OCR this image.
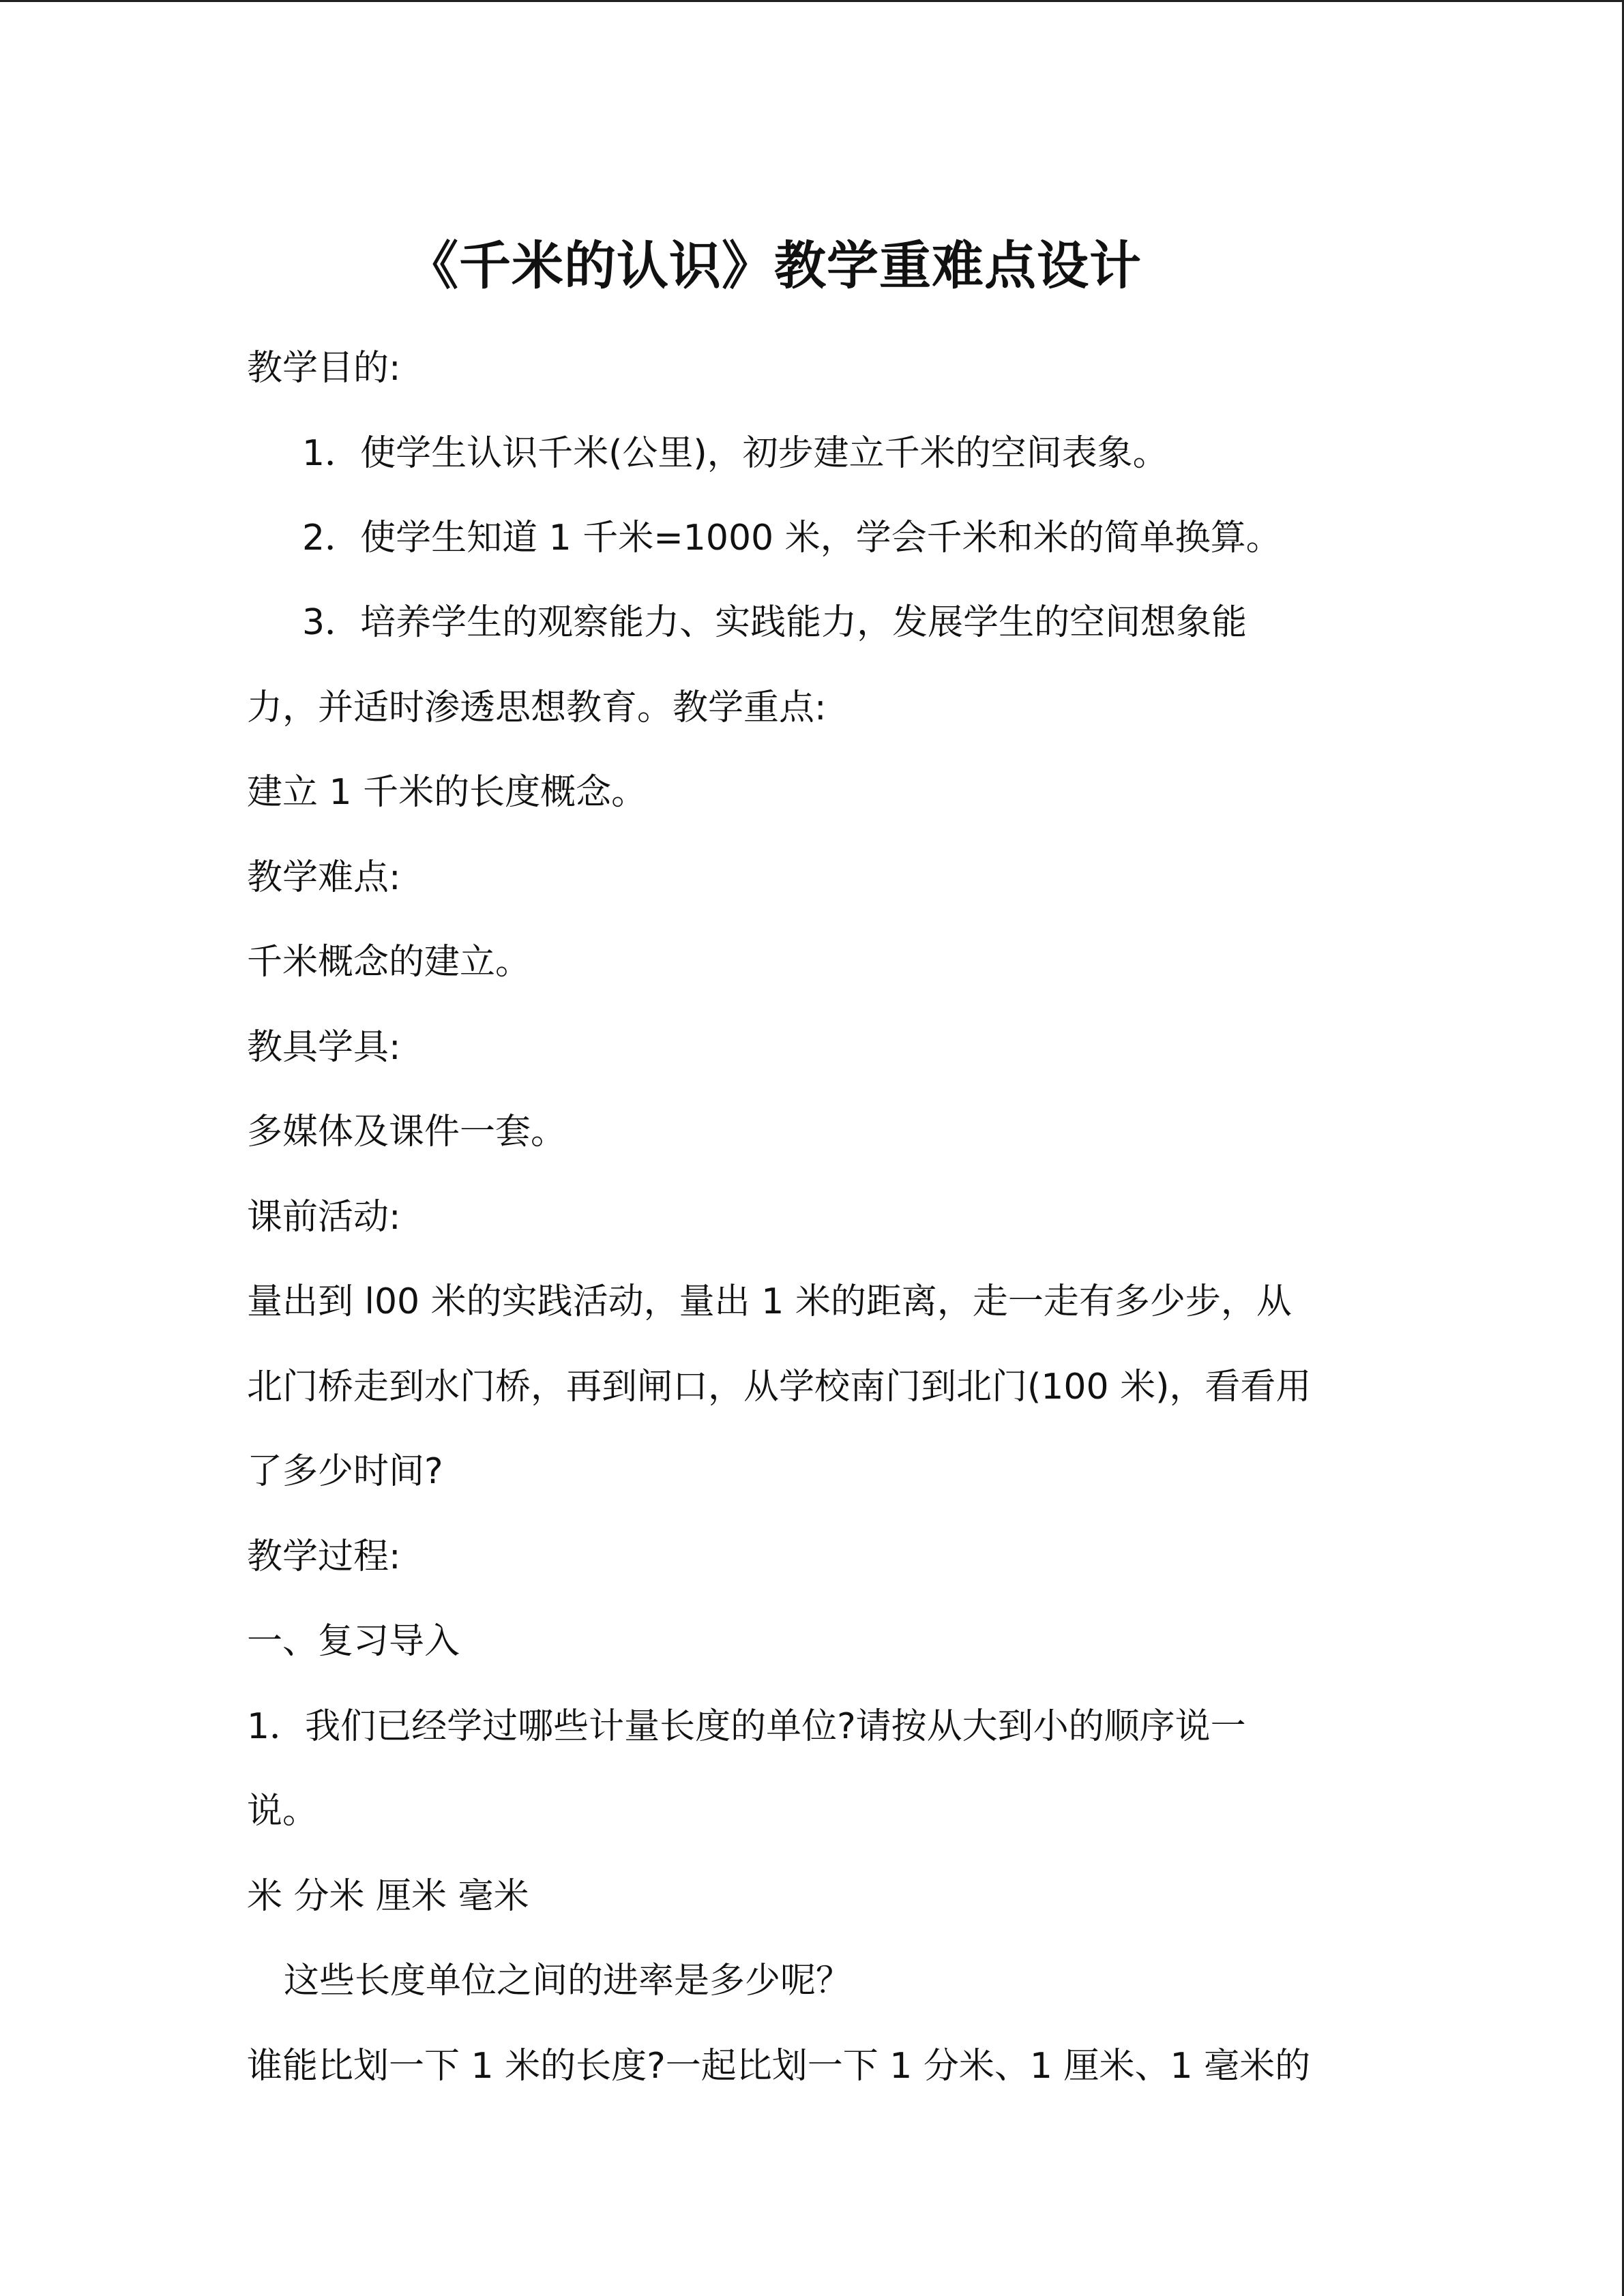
《千米的认识》教学重难点设计
教学目的:
1．使学生认识千米(公里)，初步建立千米的空间表象。
2．使学生知道 1 千米=1000 米，学会千米和米的简单换算。
3．培养学生的观察能力、实践能力，发展学生的空间想象能
力，并适时渗透思想教育。教学重点:
建立 1 千米的长度概念。
教学难点:
千米概念的建立。
教具学具:
多媒体及课件一套。
课前活动:
量出到 l00 米的实践活动，量出 1 米的距离，走一走有多少步，从
北门桥走到水门桥，再到闸口，从学校南门到北门(100 米)，看看用
了多少时间?
教学过程:
一、复习导入
1．我们已经学过哪些计量长度的单位?请按从大到小的顺序说一
说。
米 分米 厘米 毫米
这些长度单位之间的进率是多少呢？
谁能比划一下 1 米的长度?一起比划一下 1 分米、1 厘米、1 毫米的
